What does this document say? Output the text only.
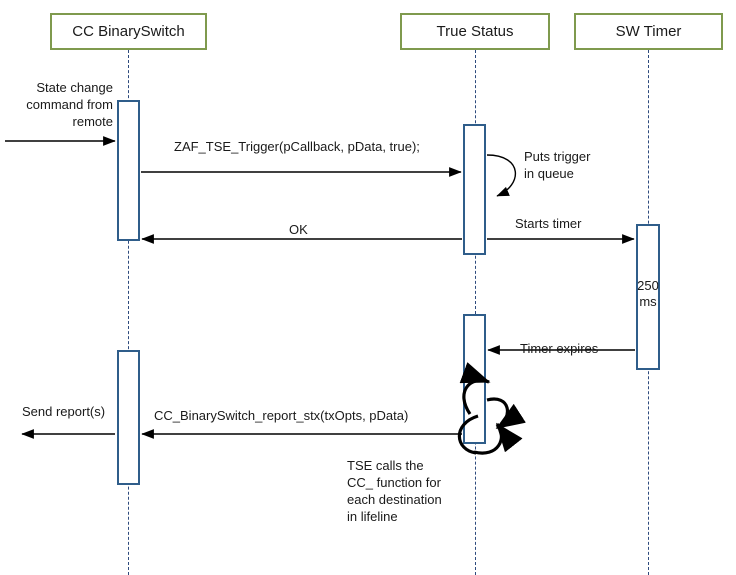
CC BinarySwitch	True Status	SW Timer
State change
command from
remote
ZAF_TSE_Trigger(pCallback, pData, true);
OK	Starts timer
Timer expires
CC_BinarySwitch_report_stx(txOpts, pData)
Send report(s)
Puts trigger
in queue
TSE calls the
CC_ function for
each destination
in lifeline
250
ms
